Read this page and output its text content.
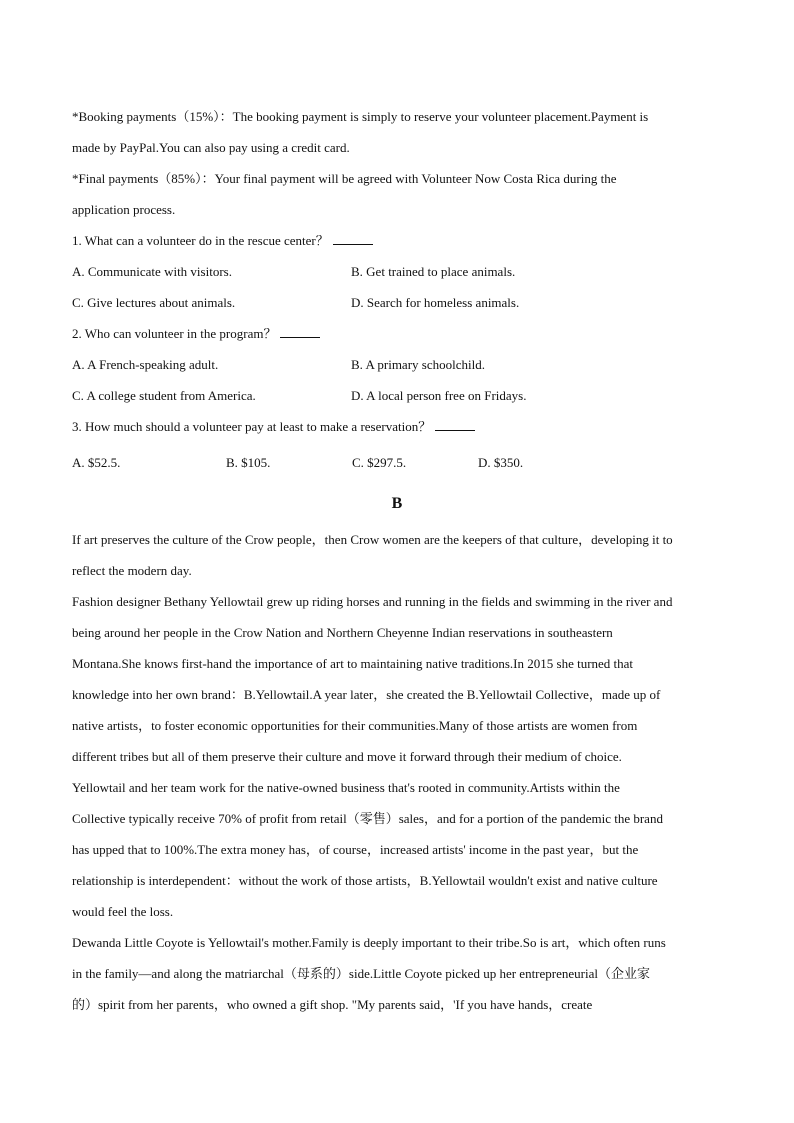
*Booking payments（15%）：The booking payment is simply to reserve your volunteer placement.Payment is
made by PayPal.You can also pay using a credit card.
*Final payments（85%）：Your final payment will be agreed with Volunteer Now Costa Rica during the
application process.
1. What can a volunteer do in the rescue center？
A. Communicate with visitors.	B. Get trained to place animals.
C. Give lectures about animals.	D. Search for homeless animals.
2. Who can volunteer in the program？
A. A French-speaking adult.	B. A primary schoolchild.
C. A college student from America.	D. A local person free on Fridays.
3. How much should a volunteer pay at least to make a reservation？
A. $52.5.	B. $105.	C. $297.5.	D. $350.
B
If art preserves the culture of the Crow people，then Crow women are the keepers of that culture，developing it to
reflect the modern day.
Fashion designer Bethany Yellowtail grew up riding horses and running in the fields and swimming in the river and
being around her people in the Crow Nation and Northern Cheyenne Indian reservations in southeastern
Montana.She knows first-hand the importance of art to maintaining native traditions.In 2015 she turned that
knowledge into her own brand：B.Yellowtail.A year later，she created the B.Yellowtail Collective，made up of
native artists，to foster economic opportunities for their communities.Many of those artists are women from
different tribes but all of them preserve their culture and move it forward through their medium of choice.
Yellowtail and her team work for the native-owned business that's rooted in community.Artists within the
Collective typically receive 70% of profit from retail（零售）sales，and for a portion of the pandemic the brand
has upped that to 100%.The extra money has，of course，increased artists' income in the past year，but the
relationship is interdependent：without the work of those artists，B.Yellowtail wouldn't exist and native culture
would feel the loss.
Dewanda Little Coyote is Yellowtail's mother.Family is deeply important to their tribe.So is art，which often runs
in the family—and along the matriarchal（母系的）side.Little Coyote picked up her entrepreneurial（企业家
的）spirit from her parents，who owned a gift shop. "My parents said，'If you have hands，create
